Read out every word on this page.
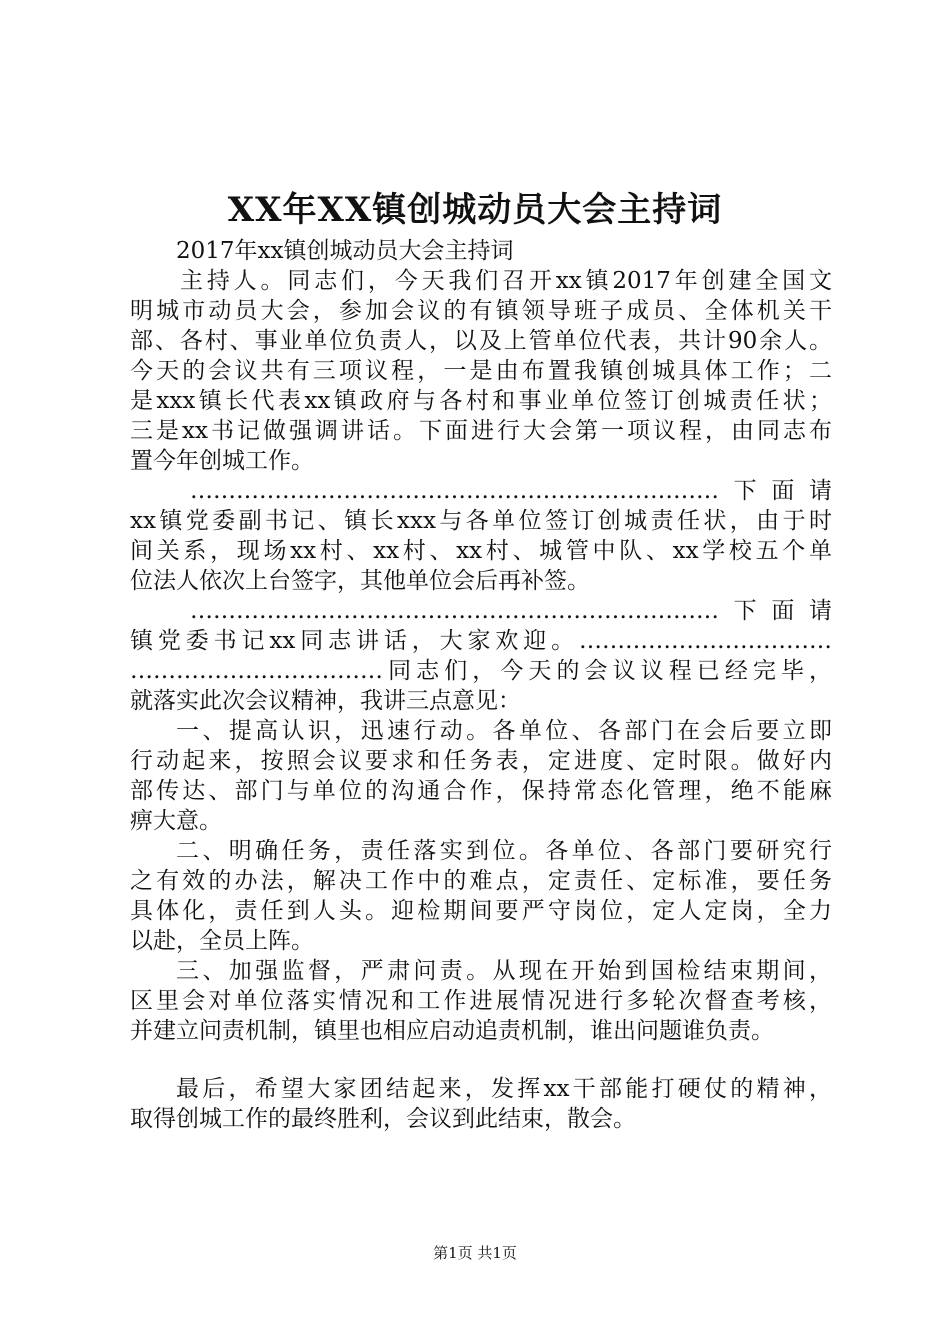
XX年XX镇创城动员大会主持词
2017年xx镇创城动员大会主持词
主持人。同志们，今天我们召开xx镇2017年创建全国文
明城市动员大会，参加会议的有镇领导班子成员、全体机关干
部、各村、事业单位负责人，以及上管单位代表，共计90余人。
今天的会议共有三项议程，一是由布置我镇创城具体工作；二
是xxx镇长代表xx镇政府与各村和事业单位签订创城责任状；
三是xx书记做强调讲话。下面进行大会第一项议程，由同志布
置今年创城工作。
……………………………………………………………下面请
xx镇党委副书记、镇长xxx与各单位签订创城责任状，由于时
间关系，现场xx村、xx村、xx村、城管中队、xx学校五个单
位法人依次上台签字，其他单位会后再补签。
……………………………………………………………下面请
镇党委书记xx同志讲话，大家欢迎。……………………………
……………………………同志们，今天的会议议程已经完毕，
就落实此次会议精神，我讲三点意见：
一、提高认识，迅速行动。各单位、各部门在会后要立即
行动起来，按照会议要求和任务表，定进度、定时限。做好内
部传达、部门与单位的沟通合作，保持常态化管理，绝不能麻
痹大意。
二、明确任务，责任落实到位。各单位、各部门要研究行
之有效的办法，解决工作中的难点，定责任、定标准，要任务
具体化，责任到人头。迎检期间要严守岗位，定人定岗，全力
以赴，全员上阵。
三、加强监督，严肃问责。从现在开始到国检结束期间，
区里会对单位落实情况和工作进展情况进行多轮次督查考核，
并建立问责机制，镇里也相应启动追责机制，谁出问题谁负责。
最后，希望大家团结起来，发挥xx干部能打硬仗的精神，
取得创城工作的最终胜利，会议到此结束，散会。
第1页 共1页
